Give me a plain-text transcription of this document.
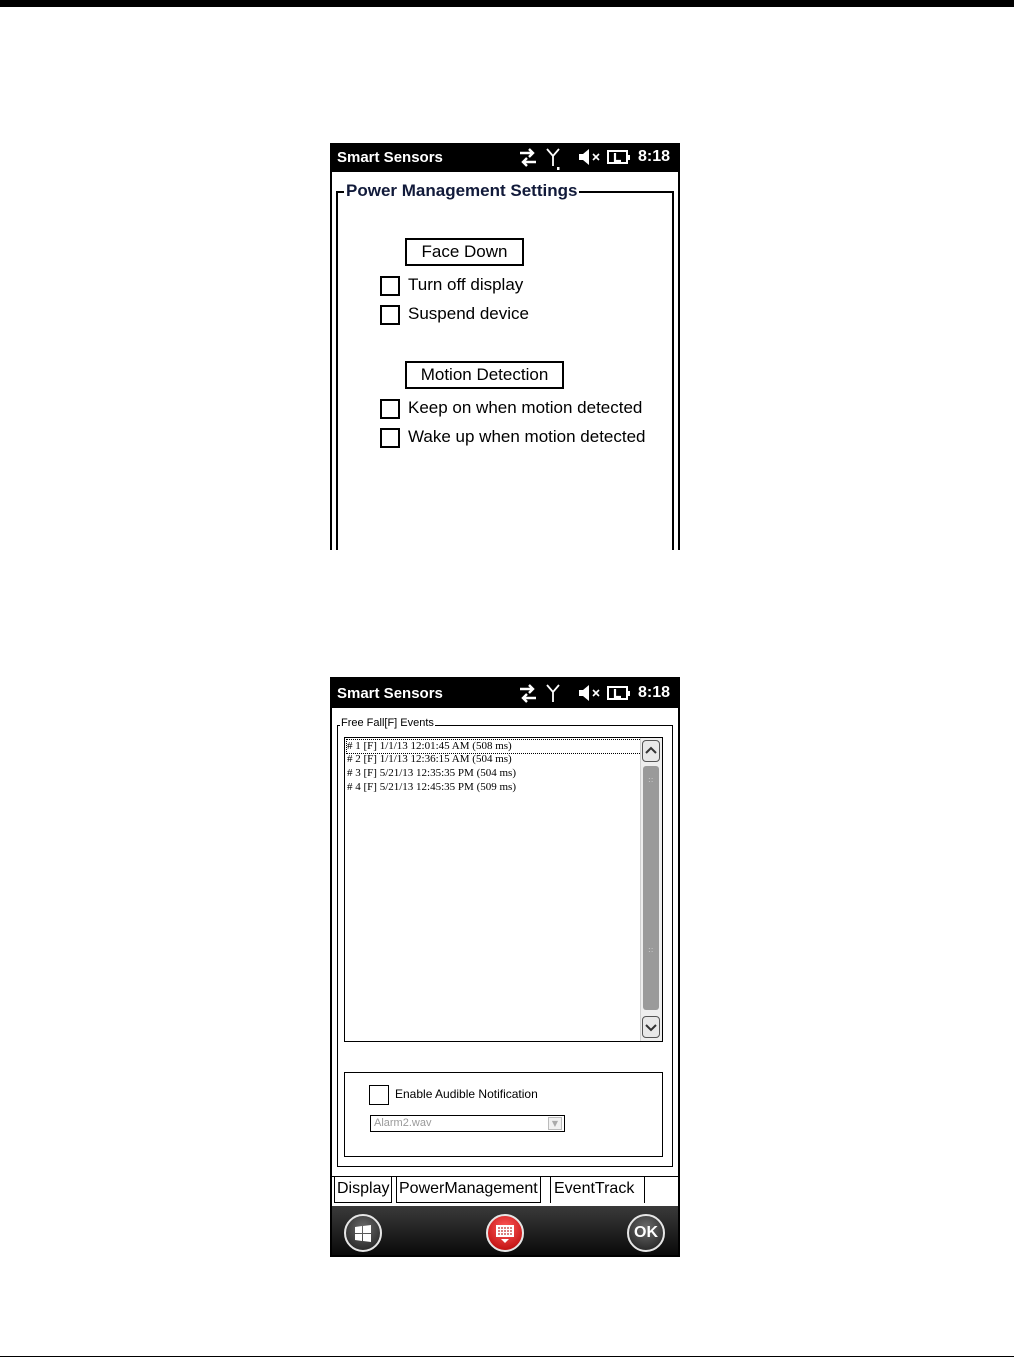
Smart Sensors	8:18
Power Management Settings
Face Down
Turn off display
Suspend device
Motion Detection
Keep on when motion detected
Wake up when motion detected
Smart Sensors	8:18
Free Fall[F] Events
# 1 [F] 1/1/13 12:01:45 AM (508 ms)
# 2 [F] 1/1/13 12:36:15 AM (504 ms)
# 3 [F] 5/21/13 12:35:35 PM (504 ms)
# 4 [F] 5/21/13 12:45:35 PM (509 ms)
::
::
Enable Audible Notification
Alarm2.wav	▼
Display PowerManagement EventTrack
OK
